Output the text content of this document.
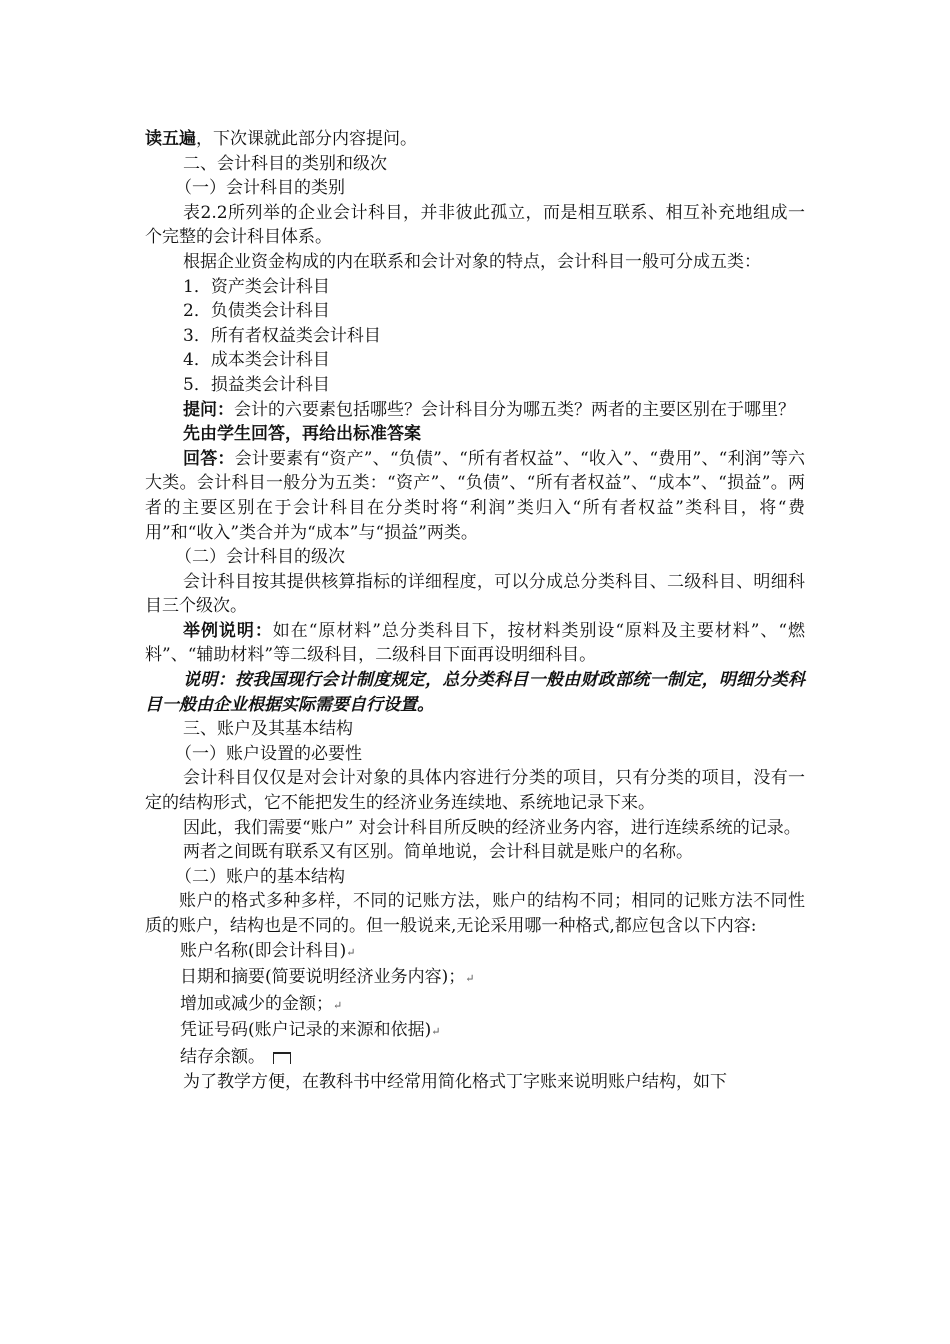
读五遍，下次课就此部分内容提问。

二、会计科目的类别和级次

（一）会计科目的类别

表2.2所列举的企业会计科目，并非彼此孤立，而是相互联系、相互补充地组成一个完整的会计科目体系。

根据企业资金构成的内在联系和会计对象的特点，会计科目一般可分成五类：

1．资产类会计科目

2．负债类会计科目

3．所有者权益类会计科目

4．成本类会计科目

5．损益类会计科目

提问：会计的六要素包括哪些？会计科目分为哪五类？两者的主要区别在于哪里？

先由学生回答，再给出标准答案

回答：会计要素有“资产”、“负债”、“所有者权益”、“收入”、“费用”、“利润”等六大类。会计科目一般分为五类：“资产”、“负债”、“所有者权益”、“成本”、“损益”。两者的主要区别在于会计科目在分类时将“利润”类归入“所有者权益”类科目，将“费用”和“收入”类合并为“成本”与“损益”两类。

（二）会计科目的级次

会计科目按其提供核算指标的详细程度，可以分成总分类科目、二级科目、明细科目三个级次。

举例说明：如在“原材料”总分类科目下，按材料类别设“原料及主要材料”、“燃料”、“辅助材料”等二级科目，二级科目下面再设明细科目。

说明：按我国现行会计制度规定，总分类科目一般由财政部统一制定，明细分类科目一般由企业根据实际需要自行设置。

三、账户及其基本结构

（一）账户设置的必要性

会计科目仅仅是对会计对象的具体内容进行分类的项目，只有分类的项目，没有一定的结构形式，它不能把发生的经济业务连续地、系统地记录下来。

因此，我们需要“账户” 对会计科目所反映的经济业务内容，进行连续系统的记录。

两者之间既有联系又有区别。简单地说，会计科目就是账户的名称。

（二）账户的基本结构

账户的格式多种多样，不同的记账方法，账户的结构不同；相同的记账方法不同性质的账户，结构也是不同的。但一般说来,无论采用哪一种格式,都应包含以下内容:

账户名称(即会计科目)↵

日期和摘要(简要说明经济业务内容)；↵

增加或减少的金额；↵

凭证号码(账户记录的来源和依据)↵

结存余额。

为了教学方便，在教科书中经常用简化格式丁字账来说明账户结构，如下
